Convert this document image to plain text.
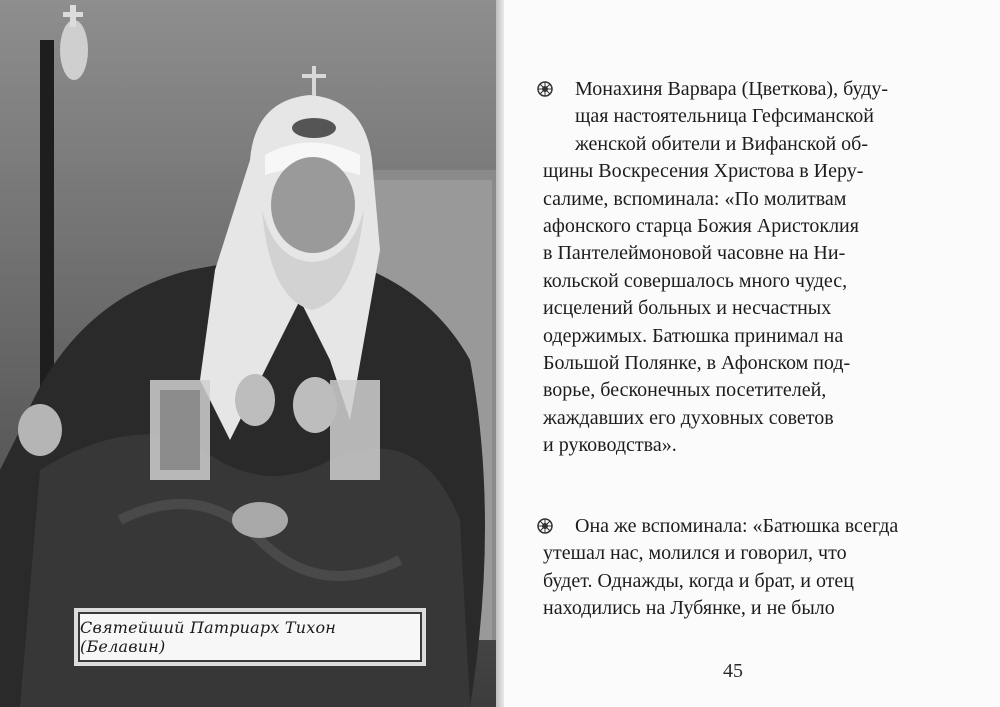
Святейший Патриарх Тихон (Белавин)
Монахиня Варвара (Цветкова), буду-
щая настоятельница Гефсиманской
женской обители и Вифанской об-
щины Воскресения Христова в Иеру-
салиме, вспоминала: «По молитвам
афонского старца Божия Аристоклия
в Пантелеймоновой часовне на Ни-
кольской совершалось много чудес,
исцелений больных и несчастных
одержимых. Батюшка принимал на
Большой Полянке, в Афонском под-
ворье, бесконечных посетителей,
жаждавших его духовных советов
и руководства».
Она же вспоминала: «Батюшка всегда
утешал нас, молился и говорил, что
будет. Однажды, когда и брат, и отец
находились на Лубянке, и не было
45
